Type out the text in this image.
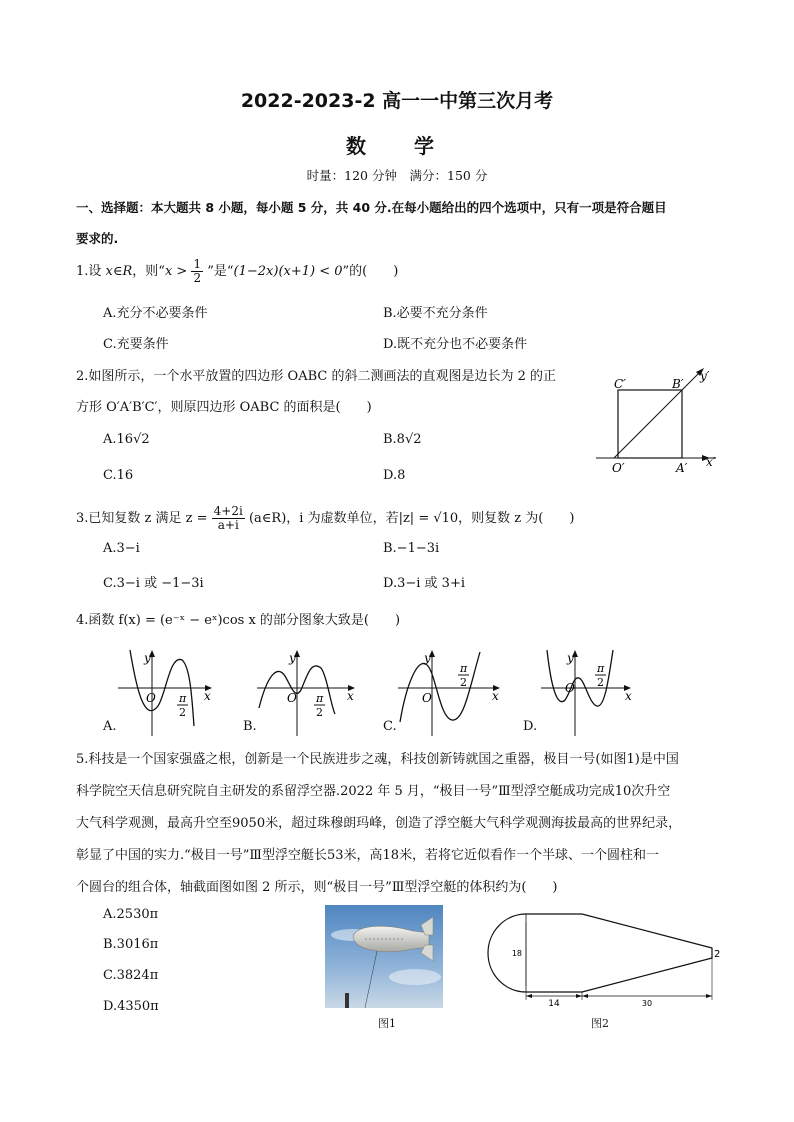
2022-2023-2 高一一中第三次月考
数　学
时量：120 分钟　满分：150 分
一、选择题：本大题共 8 小题，每小题 5 分，共 40 分.在每小题给出的四个选项中，只有一项是符合题目
要求的.
1.设 x∈R，则“$x > \frac{1}{2}$ ”是“(1−2x)(x+1) < 0”的(　　)
A.充分不必要条件	B.必要不充分条件
C.充要条件	D.既不充分也不必要条件
2.如图所示，一个水平放置的四边形 OABC 的斜二测画法的直观图是边长为 2 的正
方形 O′A′B′C′，则原四边形 OABC 的面积是(　　)
A.16√2	B.8√2
C.16	D.8
C′	B′
y′
O′	A′ x′
3.已知复数 z 满足 $z = \frac{4+2i}{a+i}$ (a∈R)，i 为虚数单位，若|z| = √10，则复数 z 为(　　)
A.3−i	B.−1−3i
C.3−i 或 −1−3i	D.3−i 或 3+i
4.函数 f(x) = (e⁻ˣ − eˣ)cos x 的部分图象大致是(　　)
y
x
O π
2
A.
y
x
O π
2
B.
y
x
O
π
2
C.
y
x
O
π
2
D.
5.科技是一个国家强盛之根，创新是一个民族进步之魂，科技创新铸就国之重器，极目一号(如图1)是中国
科学院空天信息研究院自主研发的系留浮空器.2022 年 5 月，“极目一号”Ⅲ型浮空艇成功完成10次升空
大气科学观测，最高升空至9050米，超过珠穆朗玛峰，创造了浮空艇大气科学观测海拔最高的世界纪录，
彰显了中国的实力.“极目一号”Ⅲ型浮空艇长53米，高18米，若将它近似看作一个半球、一个圆柱和一
个圆台的组合体，轴截面图如图 2 所示，则“极目一号”Ⅲ型浮空艇的体积约为(　　)
A.2530π
B.3016π
C.3824π
D.4350π
图1
18	2
14	30
图2
